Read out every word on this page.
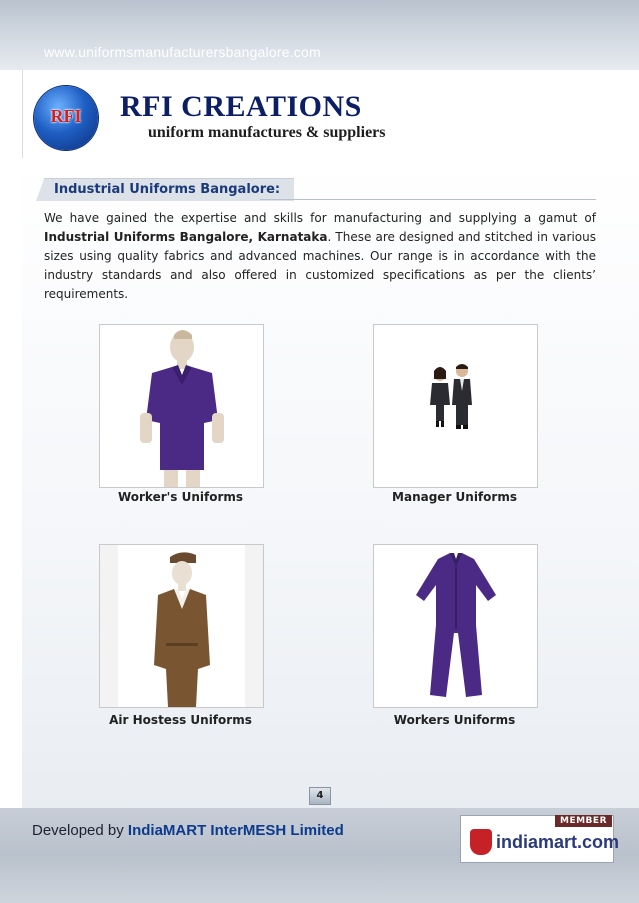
www.uniformsmanufacturersbangalore.com
RFI	RFI CREATIONS
uniform manufactures & suppliers
Industrial Uniforms Bangalore:
We have gained the expertise and skills for manufacturing and supplying a gamut of Industrial Uniforms Bangalore, Karnataka. These are designed and stitched in various sizes using quality fabrics and advanced machines. Our range is in accordance with the industry standards and also offered in customized specifications as per the clients’ requirements.
Worker's Uniforms	Manager Uniforms
Air Hostess Uniforms	Workers Uniforms
4
Developed by IndiaMART InterMESH Limited
MEMBER
indiamart.com
